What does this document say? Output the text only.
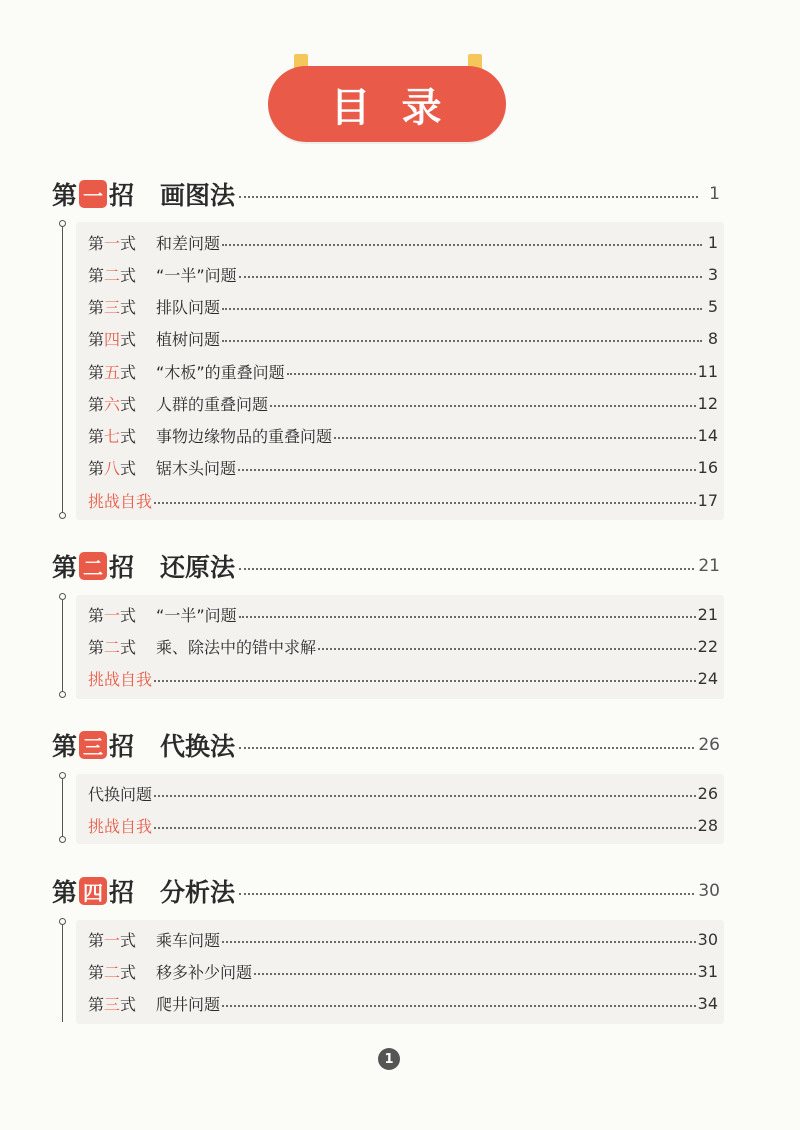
目 录
第 一 招 画图法	1
第一式 和差问题	1
第二式 “一半”问题	3
第三式 排队问题	5
第四式 植树问题	8
第五式 “木板”的重叠问题	11
第六式 人群的重叠问题	12
第七式 事物边缘物品的重叠问题	14
第八式 锯木头问题	16
挑战自我	17
第 二 招 还原法	21
第一式 “一半”问题	21
第二式 乘、除法中的错中求解	22
挑战自我	24
第 三 招 代换法	26
代换问题	26
挑战自我	28
第 四 招 分析法	30
第一式 乘车问题	30
第二式 移多补少问题	31
第三式 爬井问题	34
1
